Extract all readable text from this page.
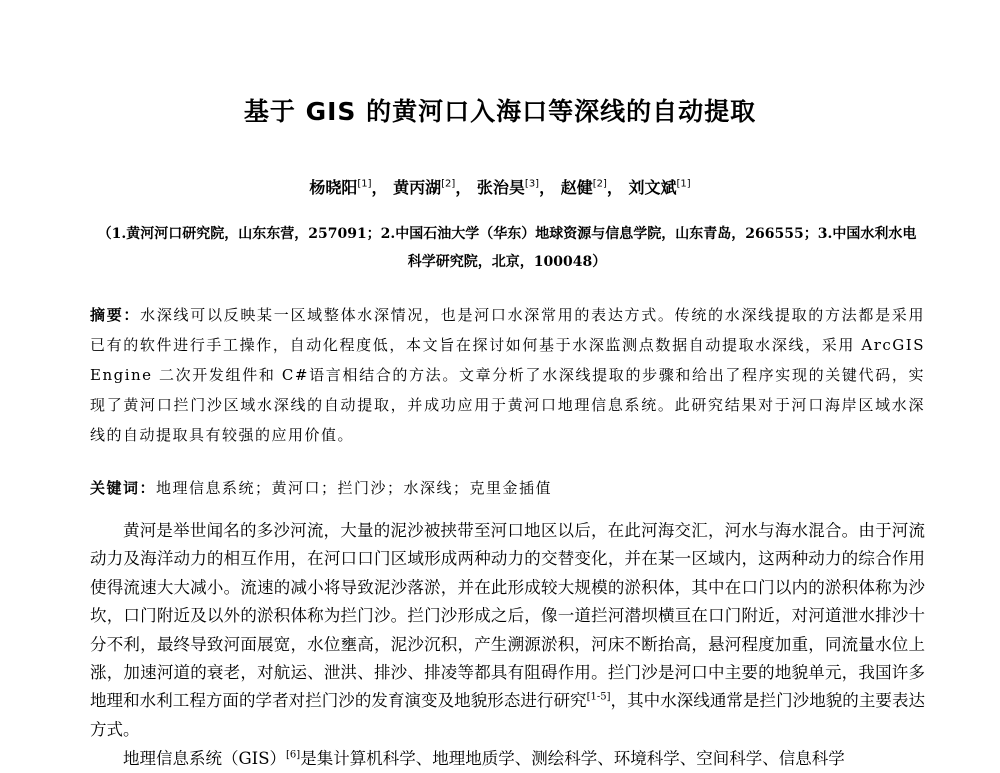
基于 GIS 的黄河口入海口等深线的自动提取
杨晓阳[1]， 黄丙湖[2]， 张治昊[3]， 赵健[2]， 刘文斌[1]
（1.黄河河口研究院，山东东营，257091；2.中国石油大学（华东）地球资源与信息学院，山东青岛，266555；3.中国水利水电科学研究院，北京，100048）
摘要：水深线可以反映某一区域整体水深情况，也是河口水深常用的表达方式。传统的水深线提取的方法都是采用已有的软件进行手工操作，自动化程度低，本文旨在探讨如何基于水深监测点数据自动提取水深线，采用 ArcGIS Engine 二次开发组件和 C#语言相结合的方法。文章分析了水深线提取的步骤和给出了程序实现的关键代码，实现了黄河口拦门沙区域水深线的自动提取，并成功应用于黄河口地理信息系统。此研究结果对于河口海岸区域水深线的自动提取具有较强的应用价值。
关键词：地理信息系统；黄河口；拦门沙；水深线；克里金插值
黄河是举世闻名的多沙河流，大量的泥沙被挟带至河口地区以后，在此河海交汇，河水与海水混合。由于河流动力及海洋动力的相互作用，在河口口门区域形成两种动力的交替变化，并在某一区域内，这两种动力的综合作用使得流速大大减小。流速的减小将导致泥沙落淤，并在此形成较大规模的淤积体，其中在口门以内的淤积体称为沙坎，口门附近及以外的淤积体称为拦门沙。拦门沙形成之后，像一道拦河潜坝横亘在口门附近，对河道泄水排沙十分不利，最终导致河面展宽，水位壅高，泥沙沉积，产生溯源淤积，河床不断抬高，悬河程度加重，同流量水位上涨，加速河道的衰老，对航运、泄洪、排沙、排凌等都具有阻碍作用。拦门沙是河口中主要的地貌单元，我国许多地理和水利工程方面的学者对拦门沙的发育演变及地貌形态进行研究[1-5]，其中水深线通常是拦门沙地貌的主要表达方式。
地理信息系统（GIS）[6]是集计算机科学、地理地质学、测绘科学、环境科学、空间科学、信息科学
